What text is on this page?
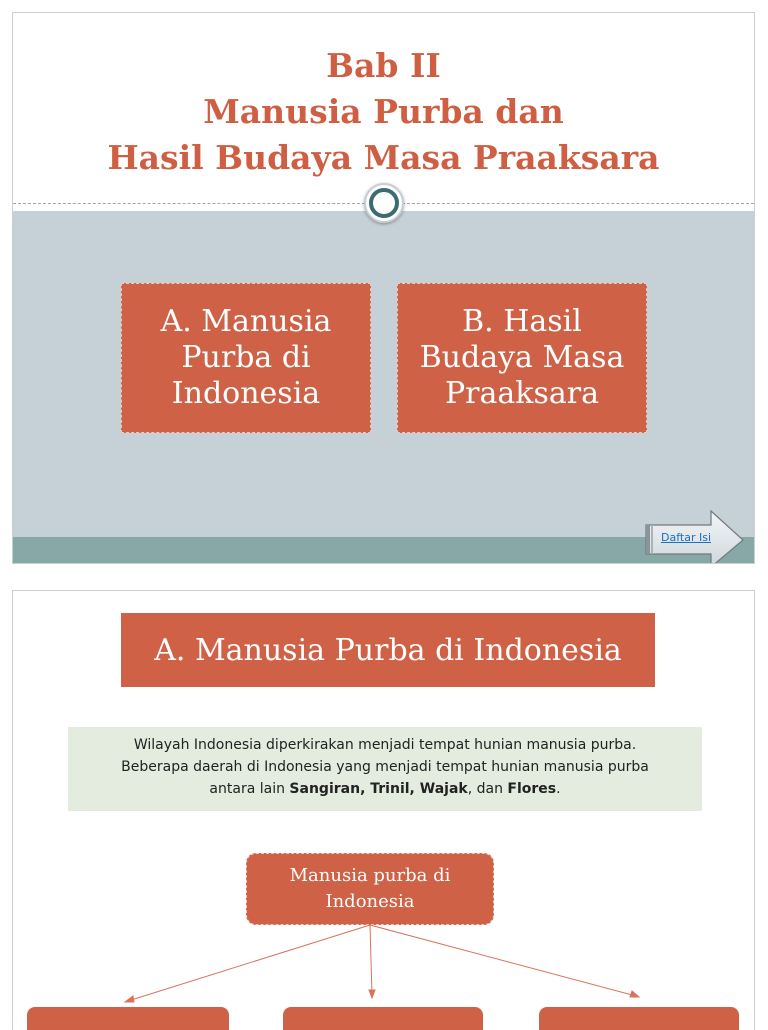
Bab II
Manusia Purba dan
Hasil Budaya Masa Praaksara
A. Manusia
Purba di
Indonesia
B. Hasil
Budaya Masa
Praaksara
Daftar Isi
A. Manusia Purba di Indonesia
Wilayah Indonesia diperkirakan menjadi tempat hunian manusia purba.
Beberapa daerah di Indonesia yang menjadi tempat hunian manusia purba
antara lain Sangiran, Trinil, Wajak, dan Flores.
Manusia purba di
Indonesia
